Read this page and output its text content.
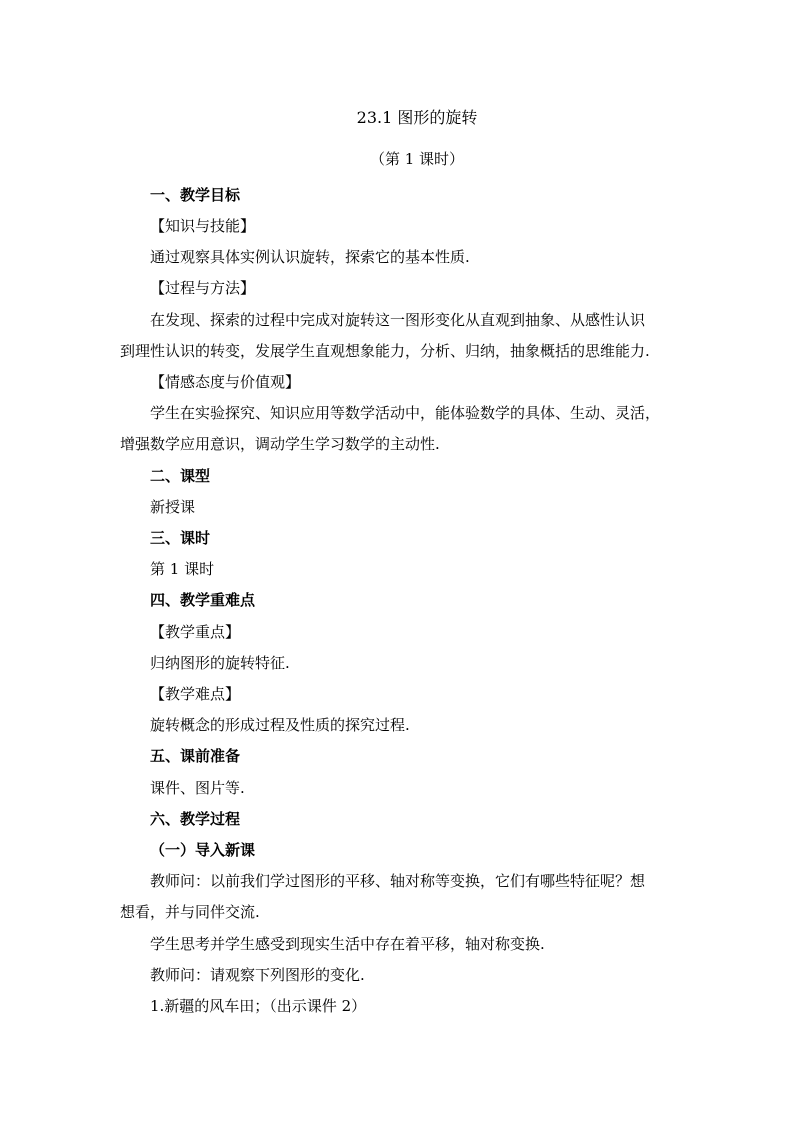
23.1 图形的旋转
（第 1 课时）
一、教学目标
【知识与技能】
通过观察具体实例认识旋转，探索它的基本性质.
【过程与方法】
在发现、探索的过程中完成对旋转这一图形变化从直观到抽象、从感性认识
到理性认识的转变，发展学生直观想象能力，分析、归纳，抽象概括的思维能力.
【情感态度与价值观】
学生在实验探究、知识应用等数学活动中，能体验数学的具体、生动、灵活，
增强数学应用意识，调动学生学习数学的主动性.
二、课型
新授课
三、课时
第 1 课时
四、教学重难点
【教学重点】
归纳图形的旋转特征.
【教学难点】
旋转概念的形成过程及性质的探究过程.
五、课前准备
课件、图片等.
六、教学过程
（一）导入新课
教师问：以前我们学过图形的平移、轴对称等变换，它们有哪些特征呢？想
想看，并与同伴交流.
学生思考并学生感受到现实生活中存在着平移，轴对称变换.
教师问：请观察下列图形的变化.
1.新疆的风车田；（出示课件 2）
